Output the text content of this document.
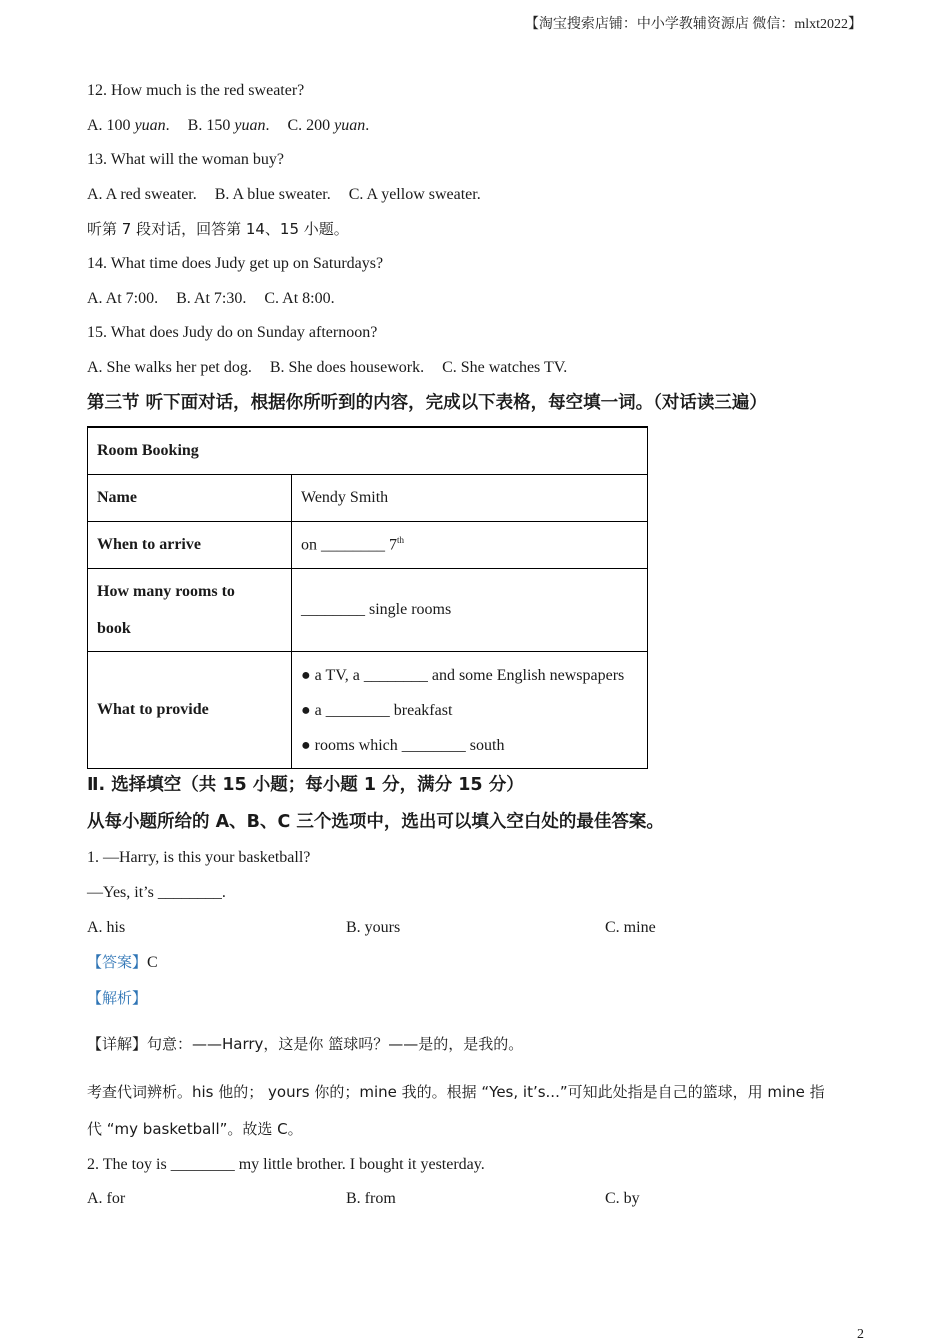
【淘宝搜索店铺：中小学教辅资源店 微信：mlxt2022】
12. How much is the red sweater?
A. 100 yuan. B. 150 yuan. C. 200 yuan.
13. What will the woman buy?
A. A red sweater. B. A blue sweater. C. A yellow sweater.
听第 7 段对话，回答第 14、15 小题。
14. What time does Judy get up on Saturdays?
A. At 7:00. B. At 7:30. C. At 8:00.
15. What does Judy do on Sunday afternoon?
A. She walks her pet dog. B. She does housework. C. She watches TV.
第三节 听下面对话，根据你所听到的内容，完成以下表格，每空填一词。（对话读三遍）
Room Booking	
Name	Wendy Smith
When to arrive	on ________ 7th

How many rooms to
book	________ single rooms
What to provide	● a TV, a ________ and some English newspapers
● a ________ breakfast
● rooms which ________ south
Ⅱ. 选择填空（共 15 小题；每小题 1 分，满分 15 分）
从每小题所给的 A、B、C 三个选项中，选出可以填入空白处的最佳答案。
1. —Harry, is this your basketball?
—Yes, it’s ________.
A. his	B. yours	C. mine
【答案】C
【解析】
【详解】句意：——Harry，这是你 篮球吗？——是的，是我的。
考查代词辨析。his 他的； yours 你的；mine 我的。根据 “Yes, it’s...”可知此处指是自己的篮球，用 mine 指
代 “my basketball”。故选 C。
2. The toy is ________ my little brother. I bought it yesterday.
A. for	B. from	C. by
2
